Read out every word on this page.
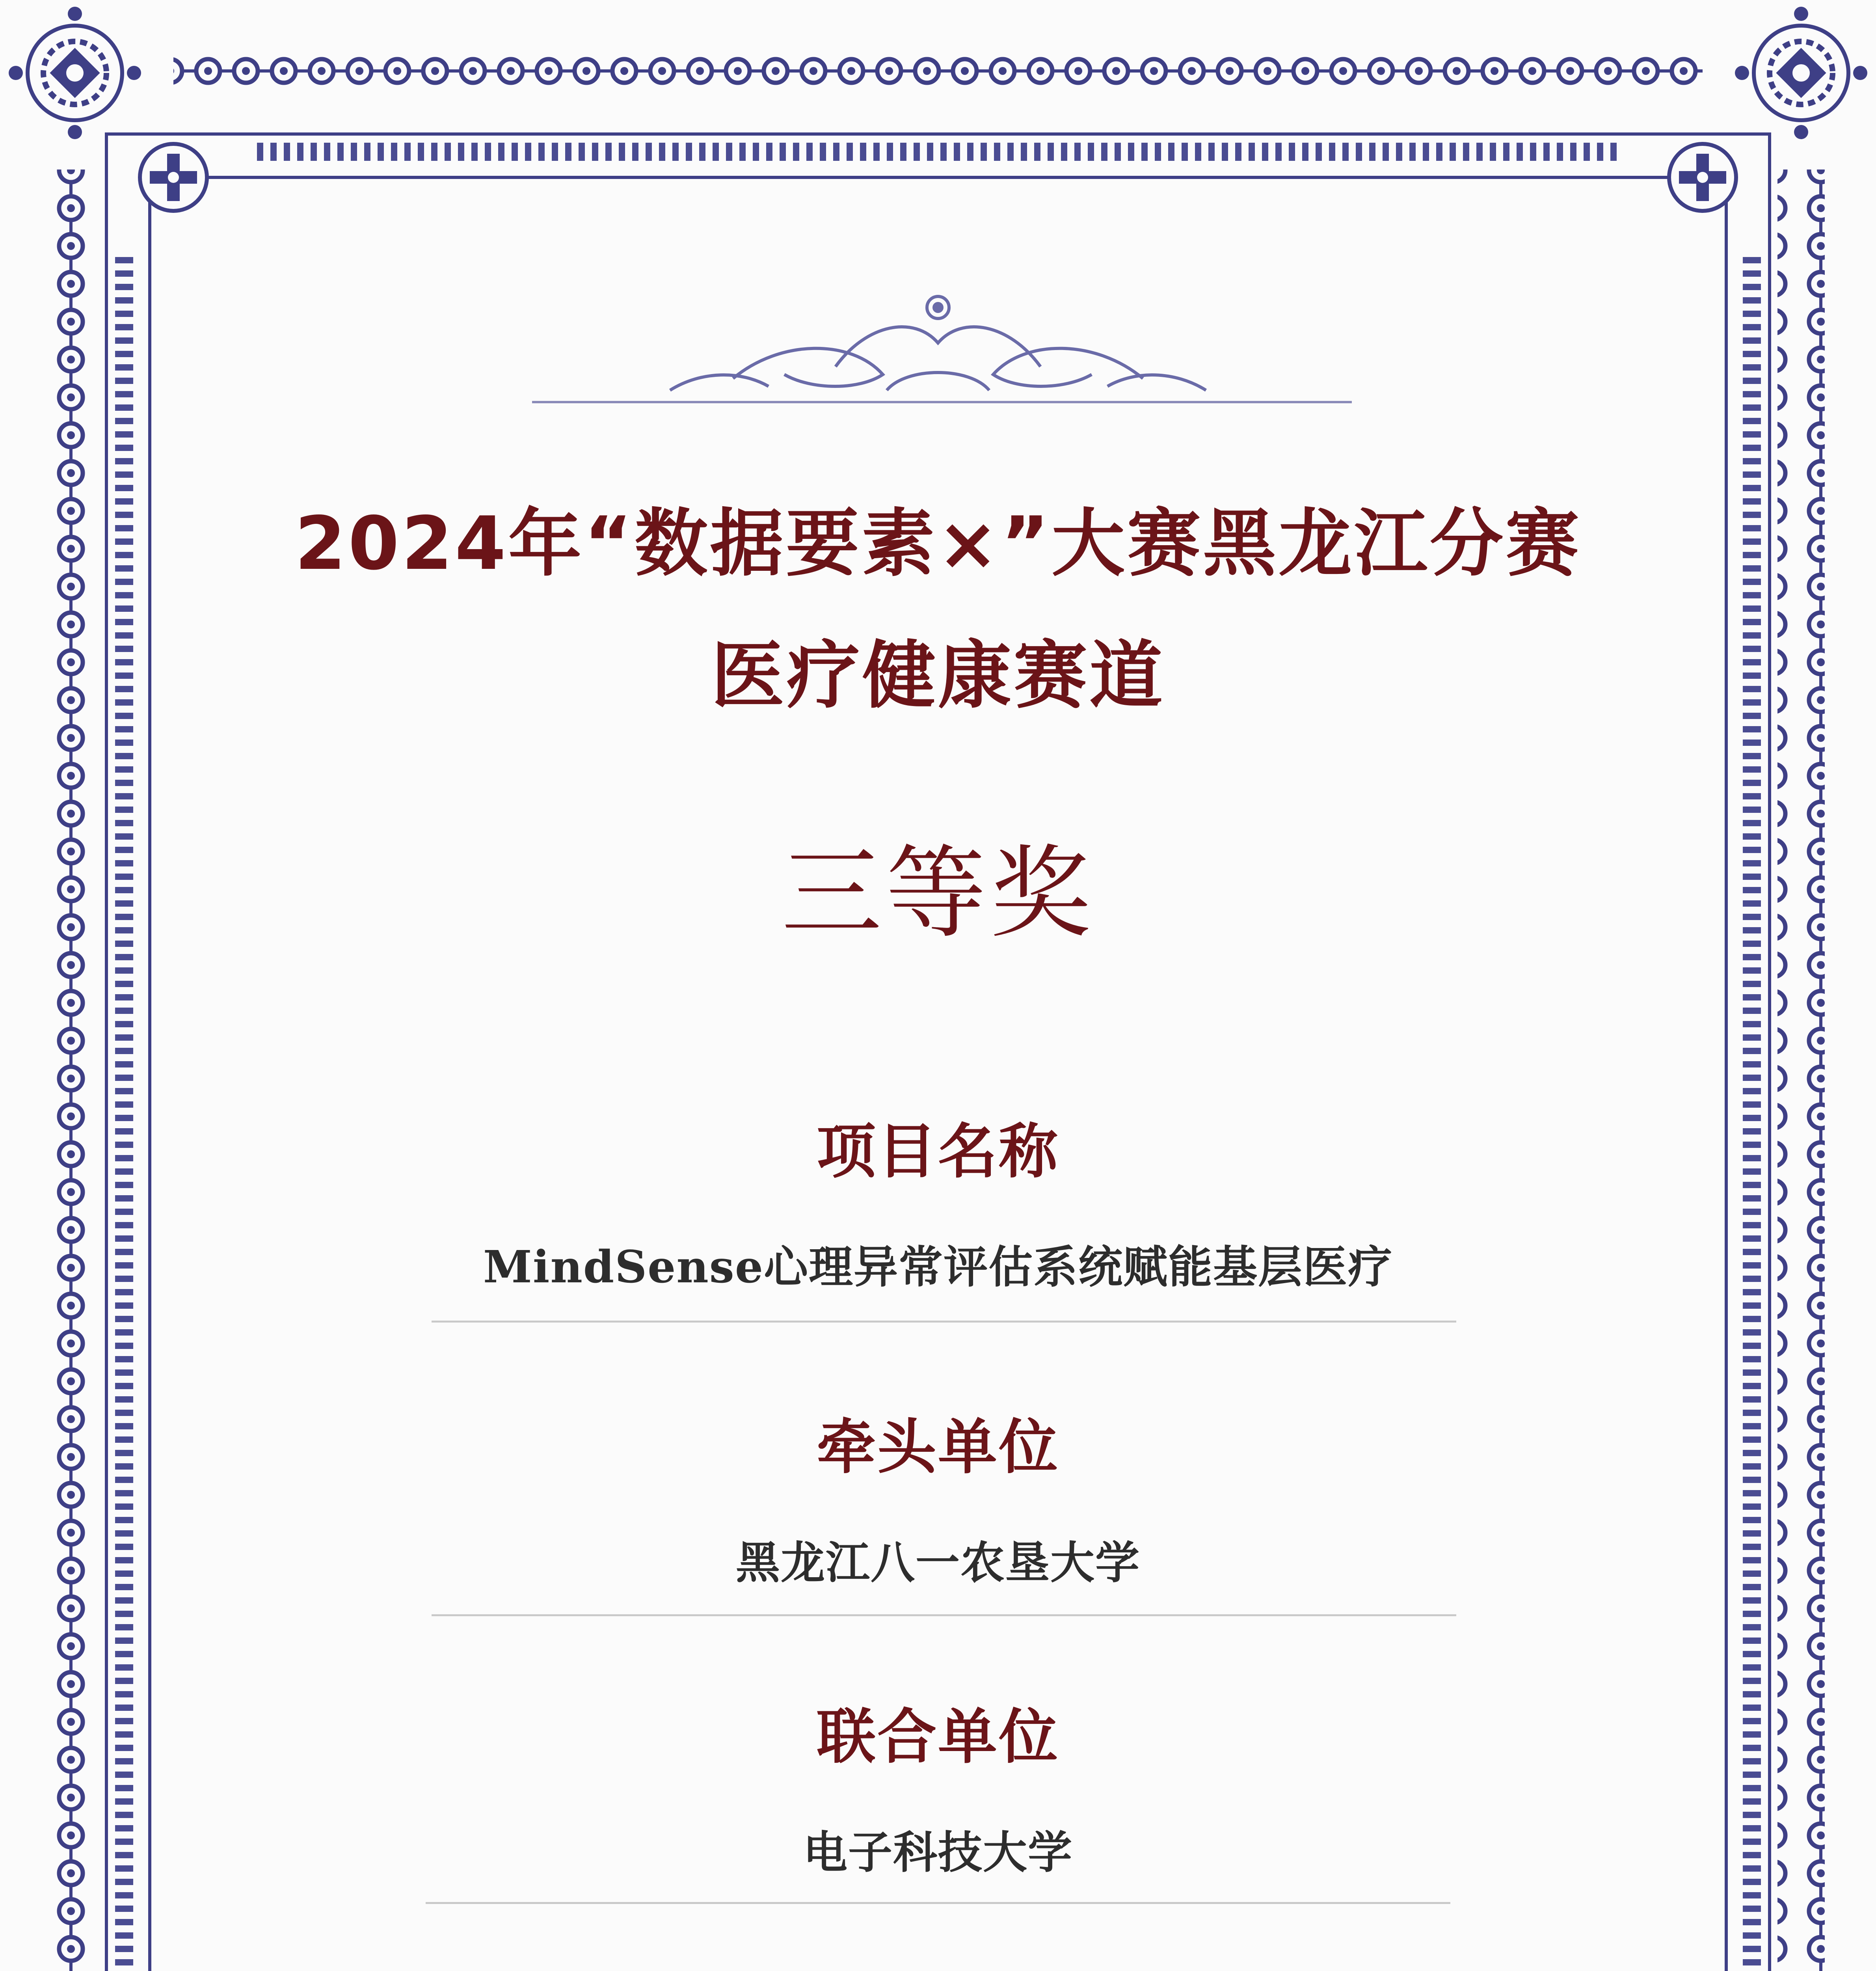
2024年“数据要素×”大赛黑龙江分赛
医疗健康赛道
三等奖
项目名称
MindSense心理异常评估系统赋能基层医疗
牵头单位
黑龙江八一农垦大学
联合单位
电子科技大学
